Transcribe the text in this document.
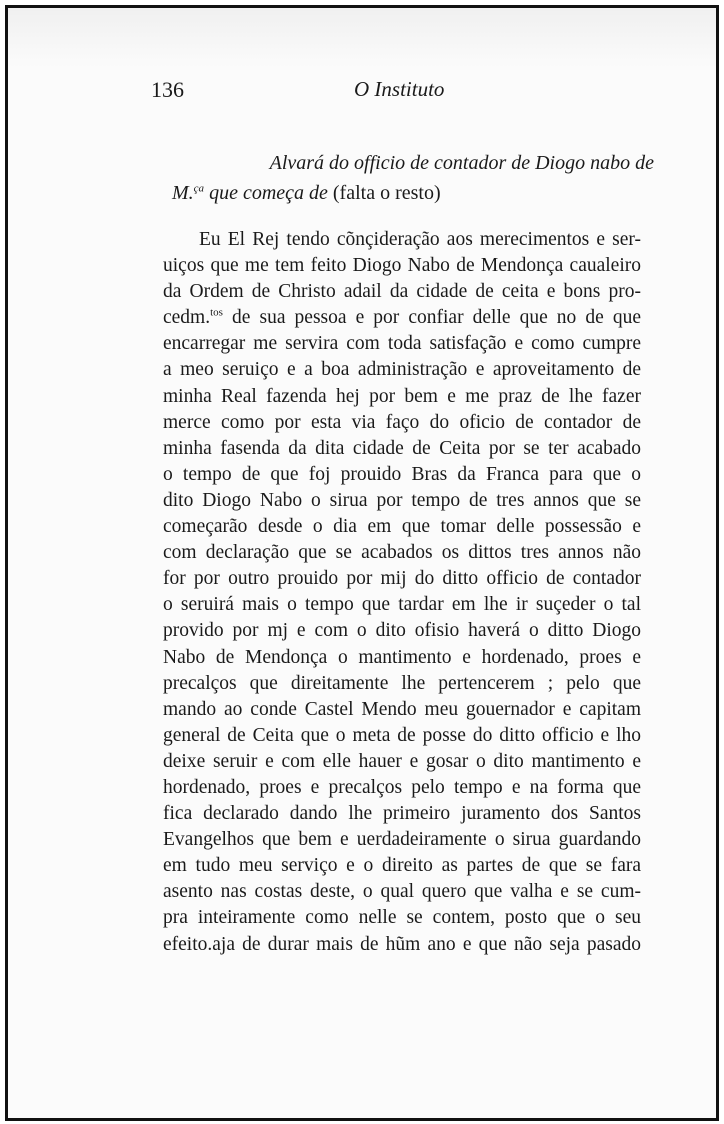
136	O Instituto
Alvará do officio de contador de Diogo nabo de
M.$^{ça}$ que começa de (falta o resto)
Eu El Rej tendo cõnçideração aos merecimentos e ser-
uiços que me tem feito Diogo Nabo de Mendonça caualeiro
da Ordem de Christo adail da cidade de ceita e bons pro-
cedm.$^{tos}$ de sua pessoa e por confiar delle que no de que
encarregar me servira com toda satisfação e como cumpre
a meo seruiço e a boa administração e aproveitamento de
minha Real fazenda hej por bem e me praz de lhe fazer
merce como por esta via faço do oficio de contador de
minha fasenda da dita cidade de Ceita por se ter acabado
o tempo de que foj prouido Bras da Franca para que o
dito Diogo Nabo o sirua por tempo de tres annos que se
começarão desde o dia em que tomar delle possessão e
com declaração que se acabados os dittos tres annos não
for por outro prouido por mij do ditto officio de contador
o seruirá mais o tempo que tardar em lhe ir suçeder o tal
provido por mj e com o dito ofisio haverá o ditto Diogo
Nabo de Mendonça o mantimento e hordenado, proes e
precalços que direitamente lhe pertencerem ; pelo que
mando ao conde Castel Mendo meu gouernador e capitam
general de Ceita que o meta de posse do ditto officio e lho
deixe seruir e com elle hauer e gosar o dito mantimento e
hordenado, proes e precalços pelo tempo e na forma que
fica declarado dando lhe primeiro juramento dos Santos
Evangelhos que bem e uerdadeiramente o sirua guardando
em tudo meu serviço e o direito as partes de que se fara
asento nas costas deste, o qual quero que valha e se cum-
pra inteiramente como nelle se contem, posto que o seu
efeito.aja de durar mais de hũm ano e que não seja pasado
